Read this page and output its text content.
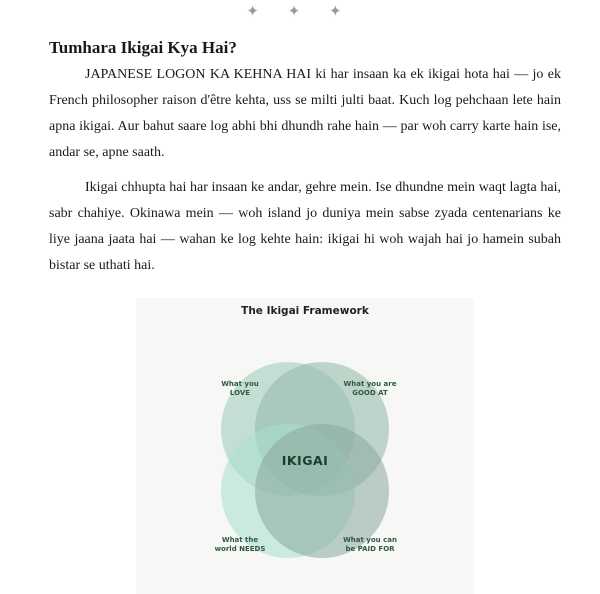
✦ ✦ ✦
Tumhara Ikigai Kya Hai?

JAPANESE LOGON KA KEHNA HAI ki har insaan ka ek ikigai hota hai — jo ek French philosopher raison d'être kehta, uss se milti julti baat. Kuch log pehchaan lete hain apna ikigai. Aur bahut saare log abhi bhi dhundh rahe hain — par woh carry karte hain ise, andar se, apne saath.

Ikigai chhupta hai har insaan ke andar, gehre mein. Ise dhundne mein waqt lagta hai, sabr chahiye. Okinawa mein — woh island jo duniya mein sabse zyada centenarians ke liye jaana jaata hai — wahan ke log kehte hain: ikigai hi woh wajah hai jo hamein subah bistar se uthati hai.

The Ikigai Framework
What you
LOVE
What you are
GOOD AT
What the
world NEEDS
What you can
be PAID FOR
IKIGAI
